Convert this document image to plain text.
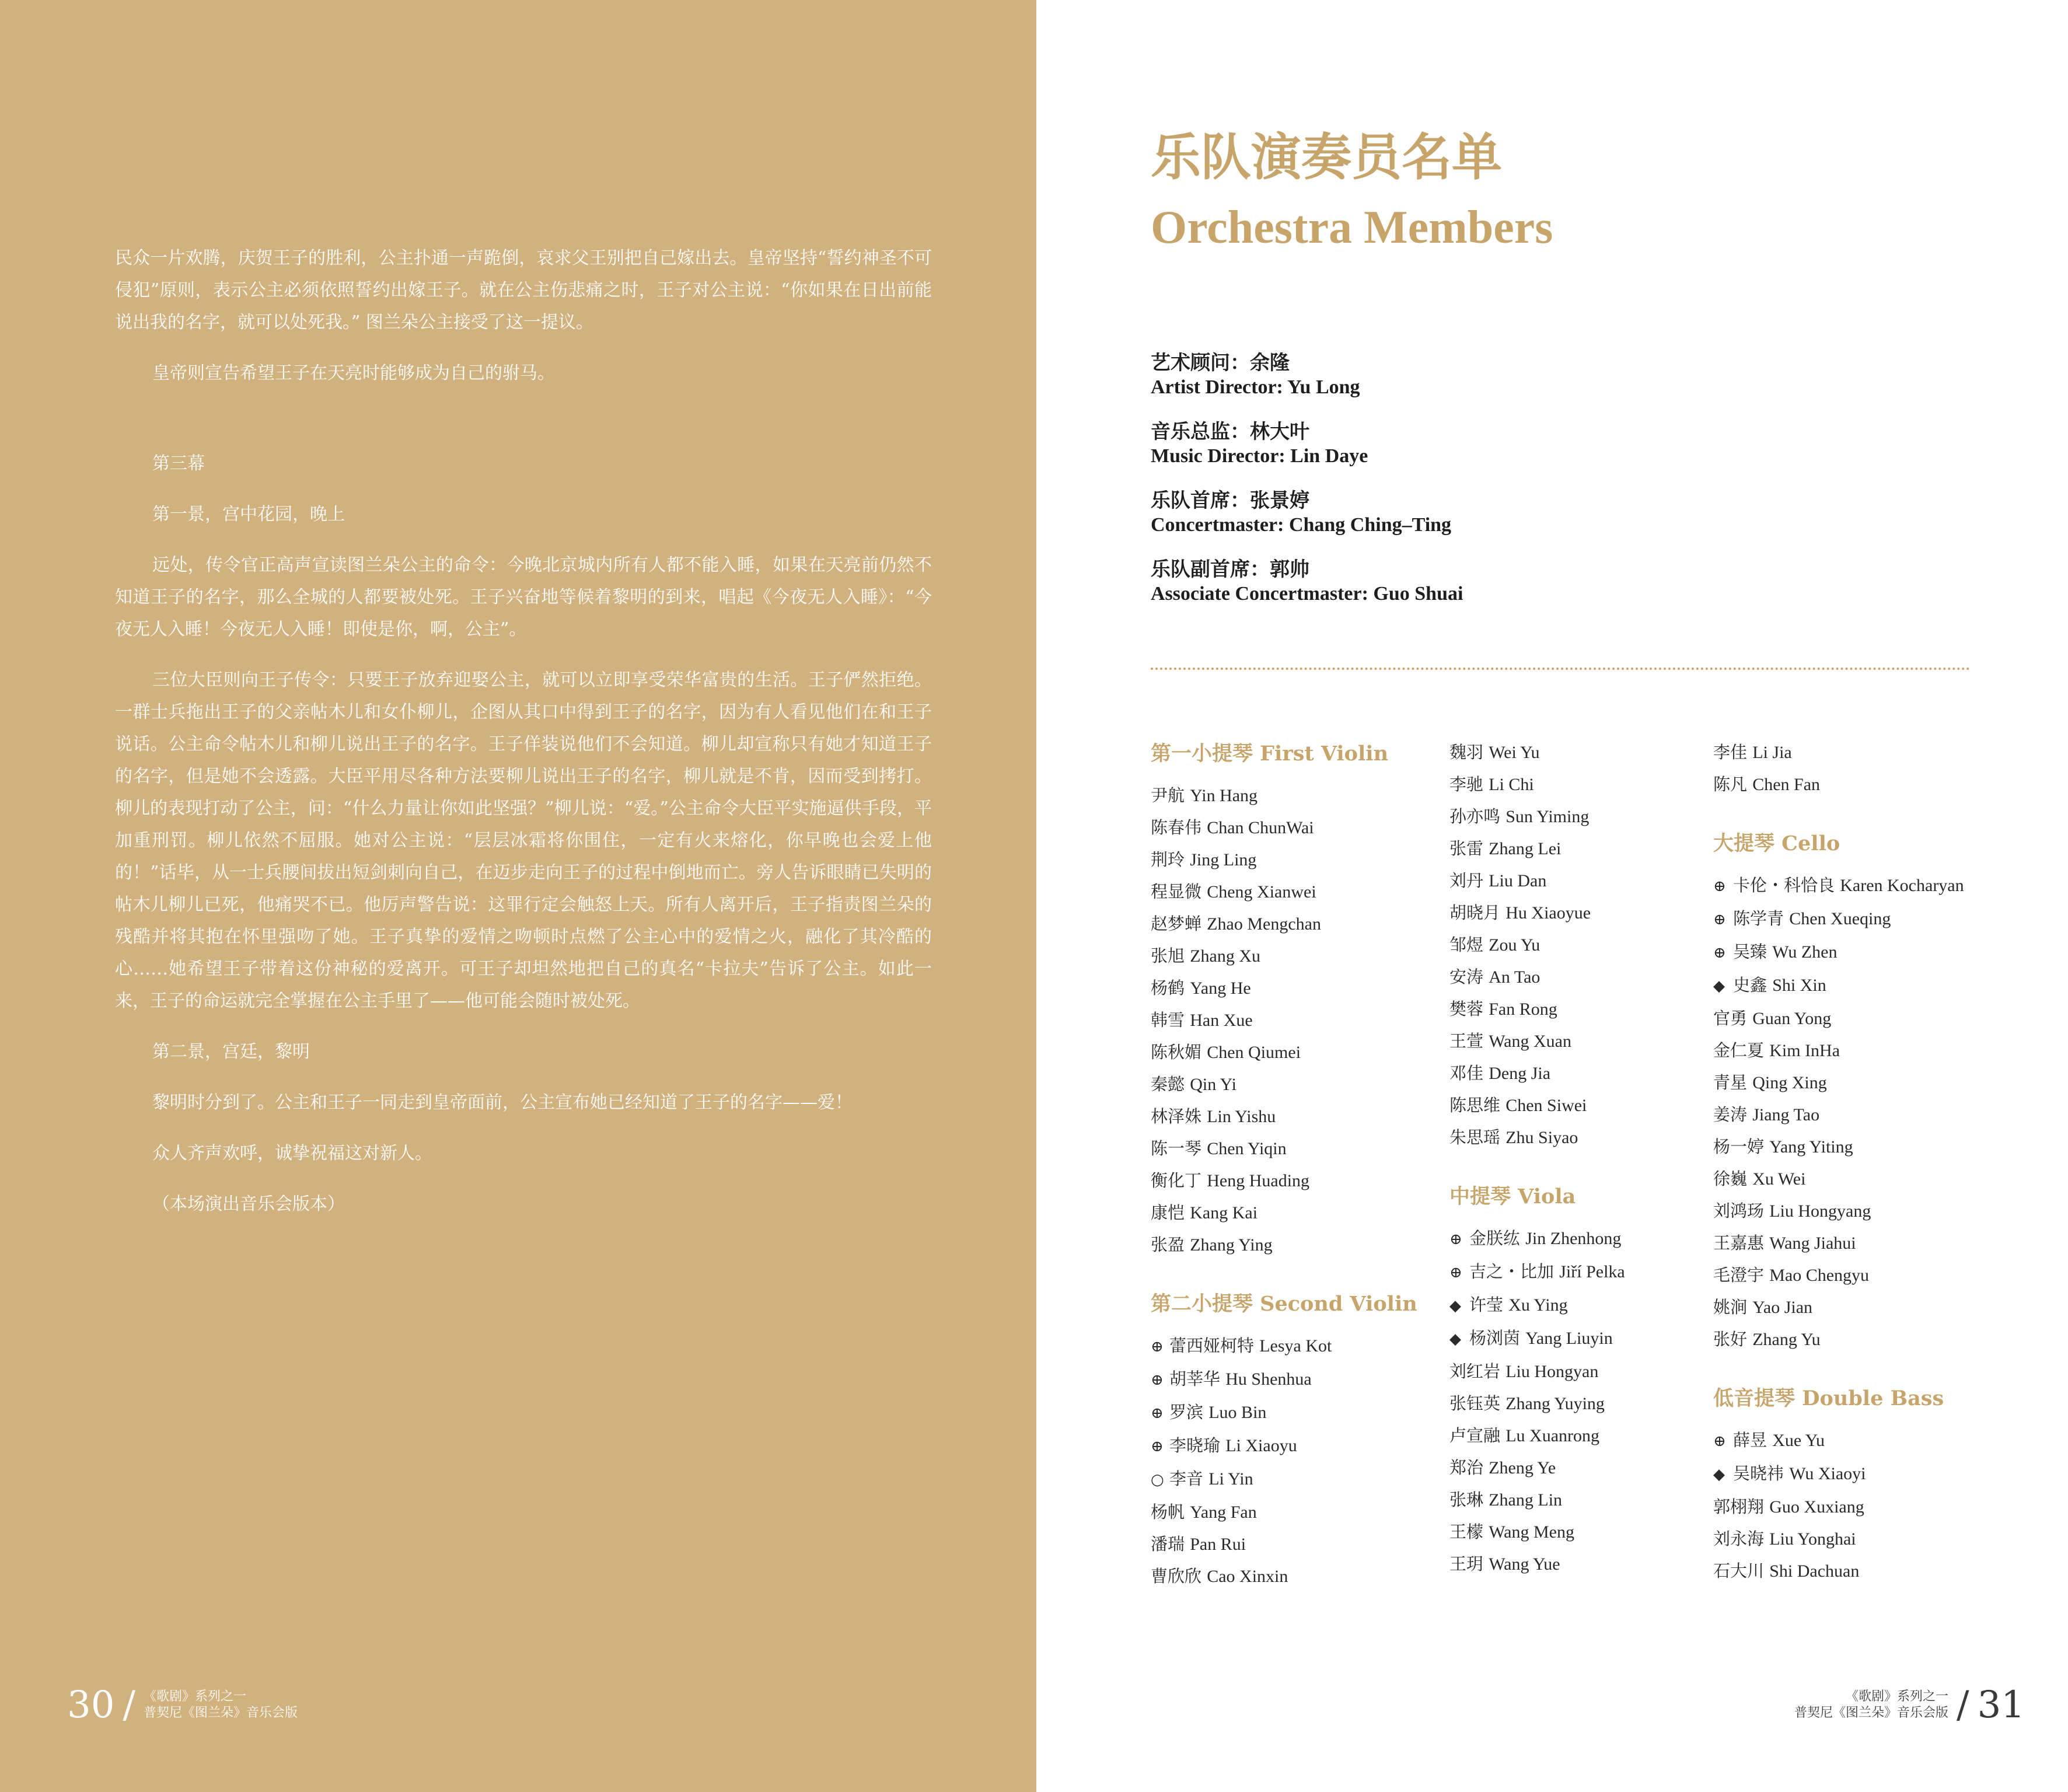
民众一片欢腾，庆贺王子的胜利，公主扑通一声跪倒，哀求父王别把自己嫁出去。皇帝坚持“誓约神圣不可侵犯”原则，表示公主必须依照誓约出嫁王子。就在公主伤悲痛之时，王子对公主说：“你如果在日出前能说出我的名字，就可以处死我。” 图兰朵公主接受了这一提议。

皇帝则宣告希望王子在天亮时能够成为自己的驸马。

第三幕

第一景，宫中花园，晚上

远处，传令官正高声宣读图兰朵公主的命令：今晚北京城内所有人都不能入睡，如果在天亮前仍然不知道王子的名字，那么全城的人都要被处死。王子兴奋地等候着黎明的到来，唱起《今夜无人入睡》：“今夜无人入睡！今夜无人入睡！即使是你，啊，公主”。

三位大臣则向王子传令：只要王子放弃迎娶公主，就可以立即享受荣华富贵的生活。王子俨然拒绝。一群士兵拖出王子的父亲帖木儿和女仆柳儿，企图从其口中得到王子的名字，因为有人看见他们在和王子说话。公主命令帖木儿和柳儿说出王子的名字。王子佯装说他们不会知道。柳儿却宣称只有她才知道王子的名字，但是她不会透露。大臣平用尽各种方法要柳儿说出王子的名字，柳儿就是不肯，因而受到拷打。柳儿的表现打动了公主，问：“什么力量让你如此坚强？”柳儿说：“爱。”公主命令大臣平实施逼供手段，平加重刑罚。柳儿依然不屈服。她对公主说：“层层冰霜将你围住，一定有火来熔化，你早晚也会爱上他的！”话毕，从一士兵腰间拔出短剑刺向自己，在迈步走向王子的过程中倒地而亡。旁人告诉眼睛已失明的帖木儿柳儿已死，他痛哭不已。他厉声警告说：这罪行定会触怒上天。所有人离开后，王子指责图兰朵的残酷并将其抱在怀里强吻了她。王子真挚的爱情之吻顿时点燃了公主心中的爱情之火，融化了其冷酷的心……她希望王子带着这份神秘的爱离开。可王子却坦然地把自己的真名“卡拉夫”告诉了公主。如此一来，王子的命运就完全掌握在公主手里了——他可能会随时被处死。

第二景，宫廷，黎明

黎明时分到了。公主和王子一同走到皇帝面前，公主宣布她已经知道了王子的名字——爱！

众人齐声欢呼，诚挚祝福这对新人。

（本场演出音乐会版本）

30 / 《歌剧》系列之一
普契尼《图兰朵》音乐会版
乐队演奏员名单
Orchestra Members
艺术顾问：余隆
Artist Director: Yu Long
音乐总监：林大叶
Music Director: Lin Daye
乐队首席：张景婷
Concertmaster: Chang Ching–Ting
乐队副首席：郭帅
Associate Concertmaster: Guo Shuai
第一小提琴 First Violin
尹航 Yin Hang
陈春伟 Chan ChunWai
荆玲 Jing Ling
程显微 Cheng Xianwei
赵梦蝉 Zhao Mengchan
张旭 Zhang Xu
杨鹤 Yang He
韩雪 Han Xue
陈秋媚 Chen Qiumei
秦懿 Qin Yi
林泽姝 Lin Yishu
陈一琴 Chen Yiqin
衡化丁 Heng Huading
康恺 Kang Kai
张盈 Zhang Ying
第二小提琴 Second Violin
⊕ 蕾西娅柯特 Lesya Kot
⊕ 胡莘华 Hu Shenhua
⊕ 罗滨 Luo Bin
⊕ 李晓瑜 Li Xiaoyu
○ 李音 Li Yin
杨帆 Yang Fan
潘瑞 Pan Rui
曹欣欣 Cao Xinxin
魏羽 Wei Yu
李驰 Li Chi
孙亦鸣 Sun Yiming
张雷 Zhang Lei
刘丹 Liu Dan
胡晓月 Hu Xiaoyue
邹煜 Zou Yu
安涛 An Tao
樊蓉 Fan Rong
王萱 Wang Xuan
邓佳 Deng Jia
陈思维 Chen Siwei
朱思瑶 Zhu Siyao
中提琴 Viola
⊕ 金朕纮 Jin Zhenhong
⊕ 吉之・比加 Jiří Pelka
◆ 许莹 Xu Ying
◆ 杨浏茵 Yang Liuyin
刘红岩 Liu Hongyan
张钰英 Zhang Yuying
卢宣融 Lu Xuanrong
郑治 Zheng Ye
张琳 Zhang Lin
王檬 Wang Meng
王玥 Wang Yue
李佳 Li Jia
陈凡 Chen Fan
大提琴 Cello
⊕ 卡伦・科恰良 Karen Kocharyan
⊕ 陈学青 Chen Xueqing
⊕ 吴臻 Wu Zhen
◆ 史鑫 Shi Xin
官勇 Guan Yong
金仁夏 Kim InHa
青星 Qing Xing
姜涛 Jiang Tao
杨一婷 Yang Yiting
徐巍 Xu Wei
刘鸿玚 Liu Hongyang
王嘉惠 Wang Jiahui
毛澄宇 Mao Chengyu
姚涧 Yao Jian
张好 Zhang Yu
低音提琴 Double Bass
⊕ 薛昱 Xue Yu
◆ 吴晓祎 Wu Xiaoyi
郭栩翔 Guo Xuxiang
刘永海 Liu Yonghai
石大川 Shi Dachuan
《歌剧》系列之一
普契尼《图兰朵》音乐会版 / 31
